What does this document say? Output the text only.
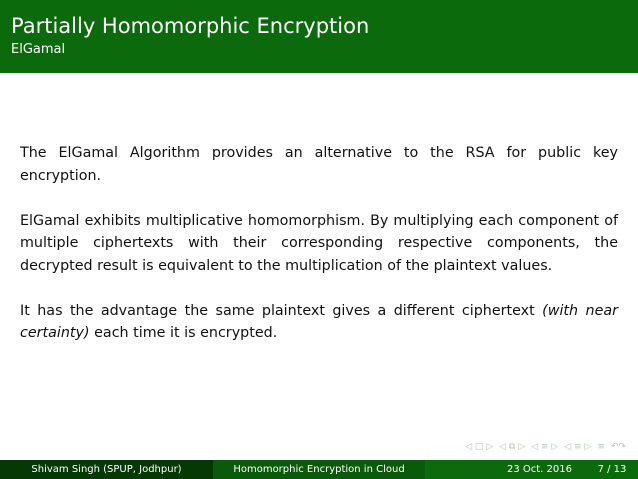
Partially Homomorphic Encryption
ElGamal

The ElGamal Algorithm provides an alternative to the RSA for public key encryption.

ElGamal exhibits multiplicative homomorphism. By multiplying each component of multiple ciphertexts with their corresponding respective components, the decrypted result is equivalent to the multiplication of the plaintext values.

It has the advantage the same plaintext gives a different ciphertext (with near certainty) each time it is encrypted.

◁ □ ▷ ◁ ⧉ ▷ ◁ ≡ ▷ ◁ ≡ ▷ ≡ ↶↷
Shivam Singh (SPUP, Jodhpur)	Homomorphic Encryption in Cloud	23 Oct. 2016	7 / 13
